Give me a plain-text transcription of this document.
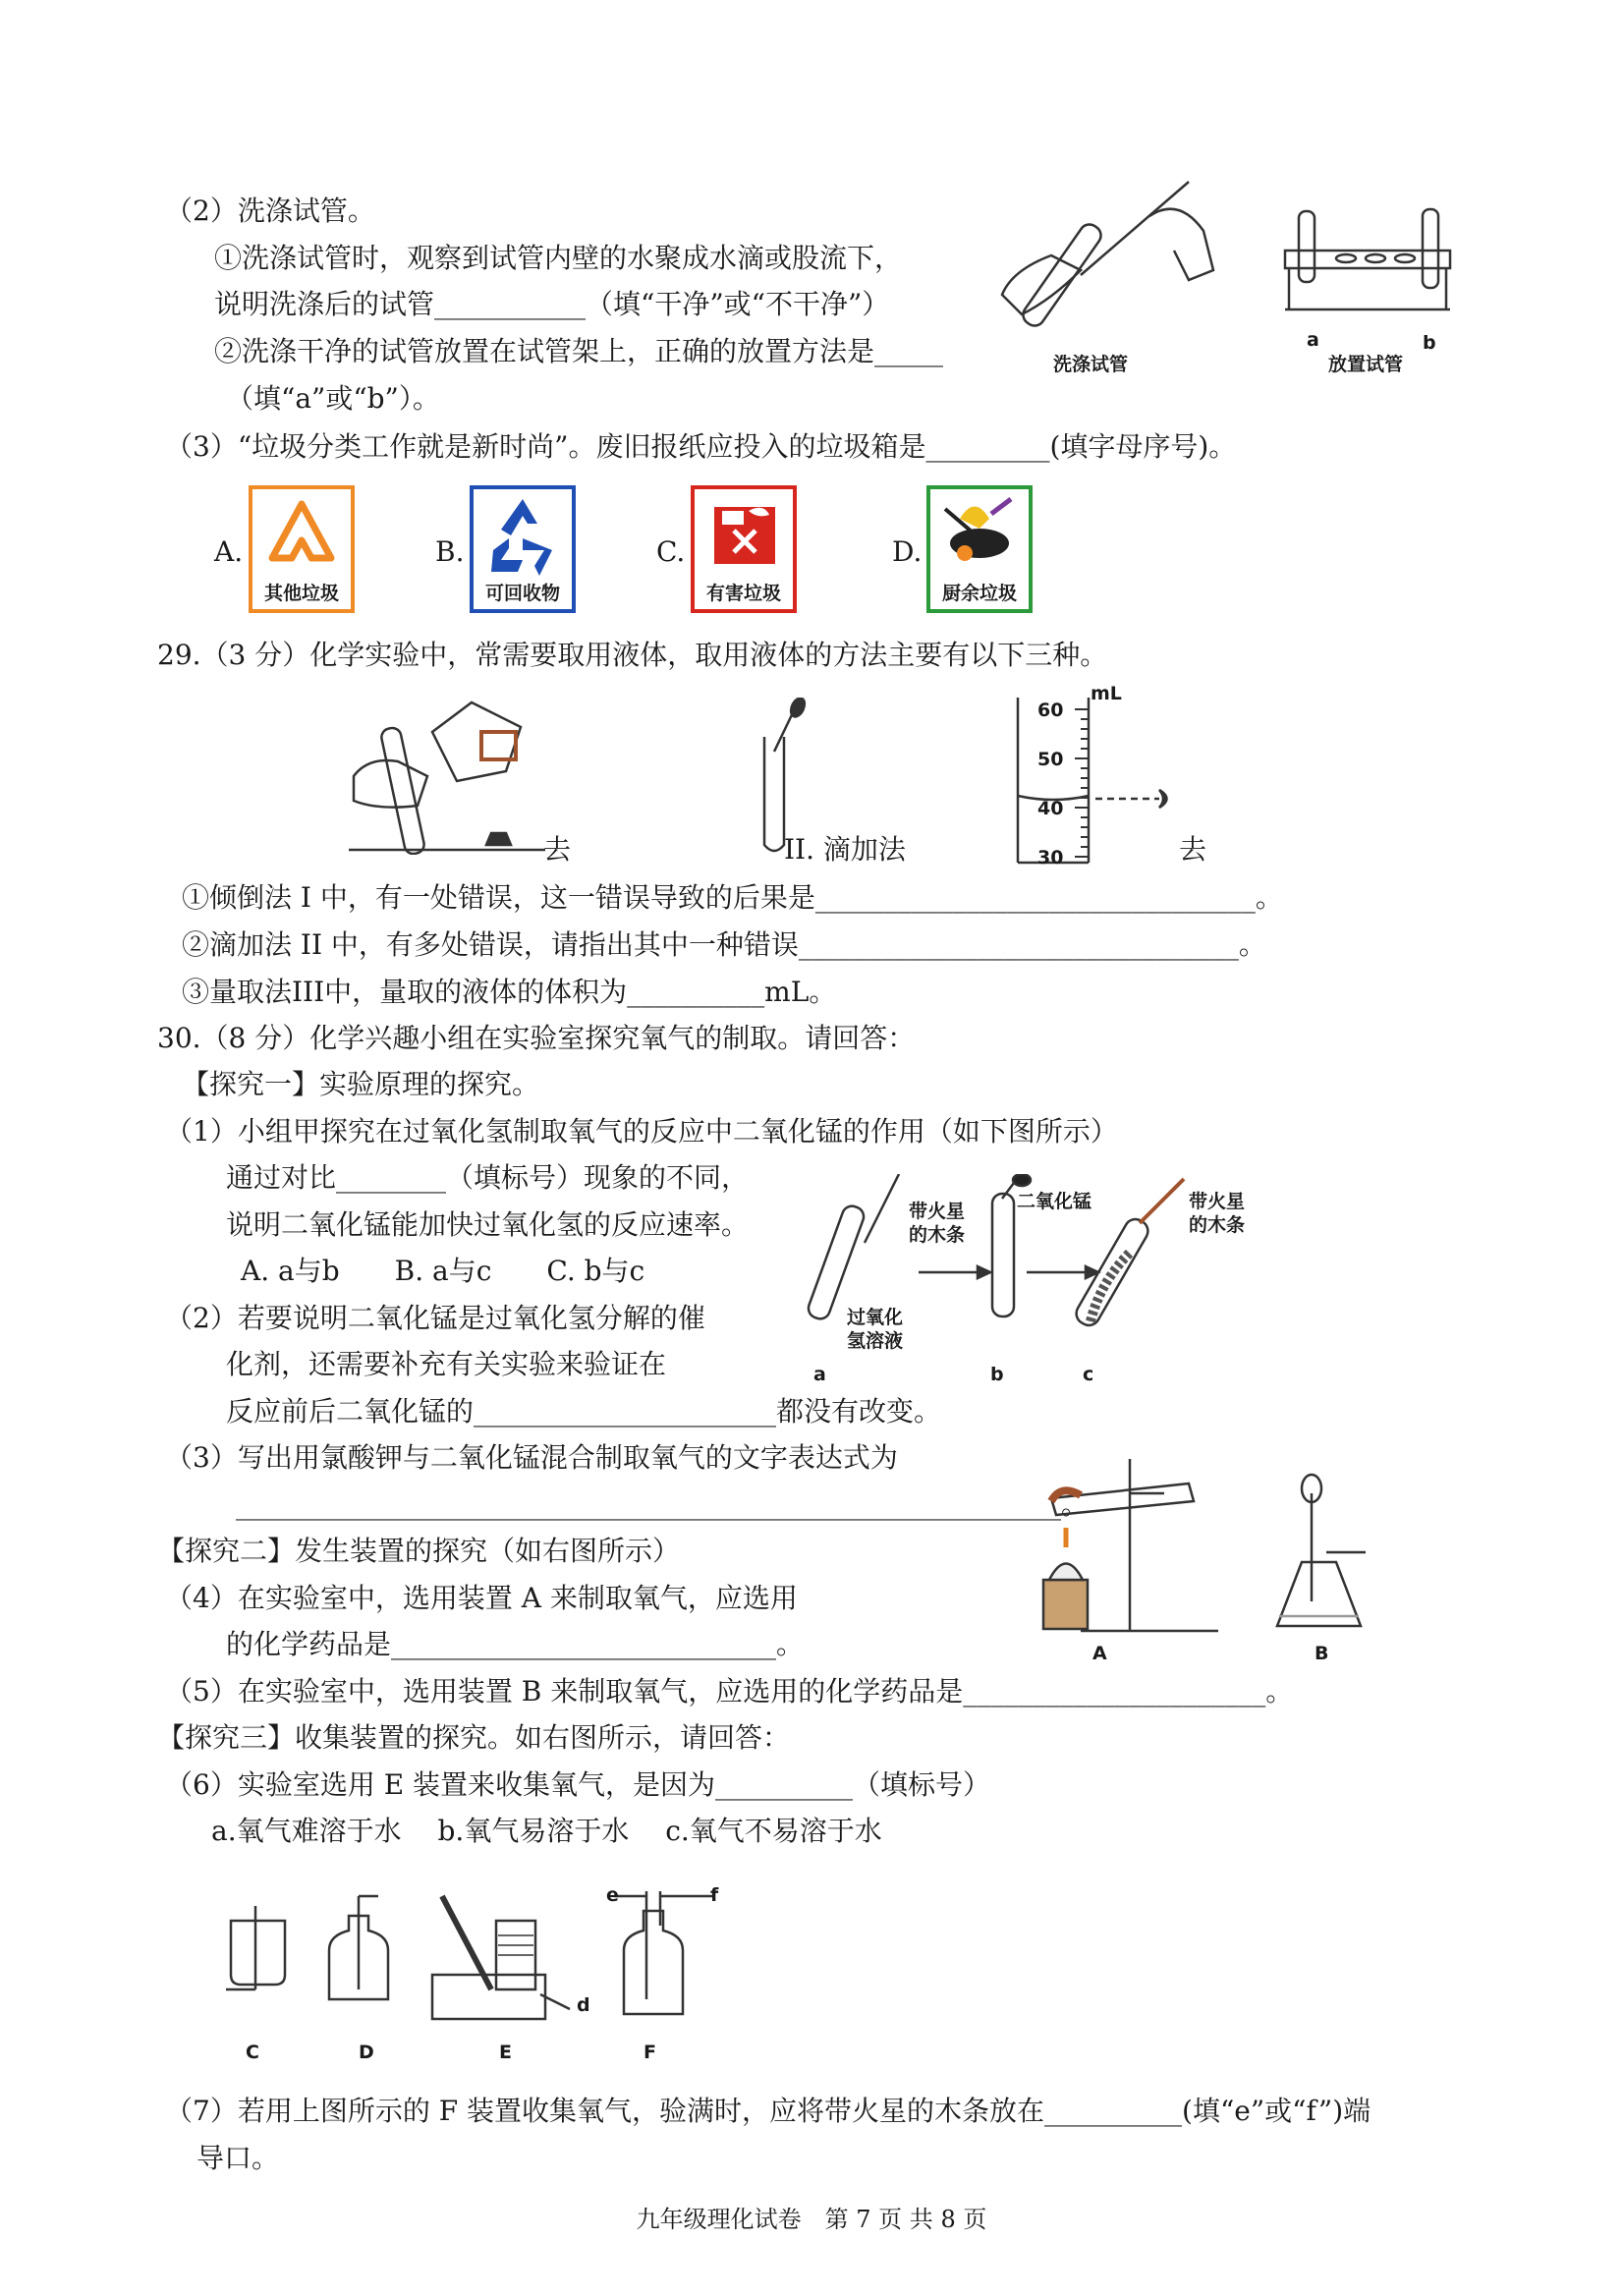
（2）洗涤试管。
①洗涤试管时，观察到试管内壁的水聚成水滴或股流下，
说明洗涤后的试管___________（填“干净”或“不干净”）
②洗涤干净的试管放置在试管架上，正确的放置方法是_____
（填“a”或“b”）。
洗涤试管
a	b
放置试管
（3）“垃圾分类工作就是新时尚”。废旧报纸应投入的垃圾箱是_________(填字母序号)。
A.
其他垃圾
B.
可回收物
C.
有害垃圾
D.
厨余垃圾
29.（3 分）化学实验中，常需要取用液体，取用液体的方法主要有以下三种。
去	II. 滴加法
mL
60
50
40
30	去
①倾倒法 I 中，有一处错误，这一错误导致的后果是________________________________。
②滴加法 II 中，有多处错误，请指出其中一种错误________________________________。
③量取法III中，量取的液体的体积为__________mL。
30.（8 分）化学兴趣小组在实验室探究氧气的制取。请回答：
【探究一】实验原理的探究。
（1）小组甲探究在过氧化氢制取氧气的反应中二氧化锰的作用（如下图所示）
通过对比________（填标号）现象的不同，
说明二氧化锰能加快过氧化氢的反应速率。
A. a与b　　B. a与c　　C. b与c
（2）若要说明二氧化锰是过氧化氢分解的催
化剂，还需要补充有关实验来验证在
反应前后二氧化锰的______________________都没有改变。
带火星
的木条
二氧化锰	带火星
的木条
过氧化
氢溶液
a	b	c
（3）写出用氯酸钾与二氧化锰混合制取氧气的文字表达式为
____________________________________________________________。
【探究二】发生装置的探究（如右图所示）
（4）在实验室中，选用装置 A 来制取氧气，应选用
的化学药品是____________________________。	A	B
（5）在实验室中，选用装置 B 来制取氧气，应选用的化学药品是______________________。
【探究三】收集装置的探究。如右图所示，请回答：
（6）实验室选用 E 装置来收集氧气，是因为__________（填标号）
a.氧气难溶于水　 b.氧气易溶于水　 c.氧气不易溶于水
C	D	E	F
d
e	f
（7）若用上图所示的 F 装置收集氧气，验满时，应将带火星的木条放在__________(填“e”或“f”)端
导口。
九年级理化试卷　第 7 页 共 8 页
